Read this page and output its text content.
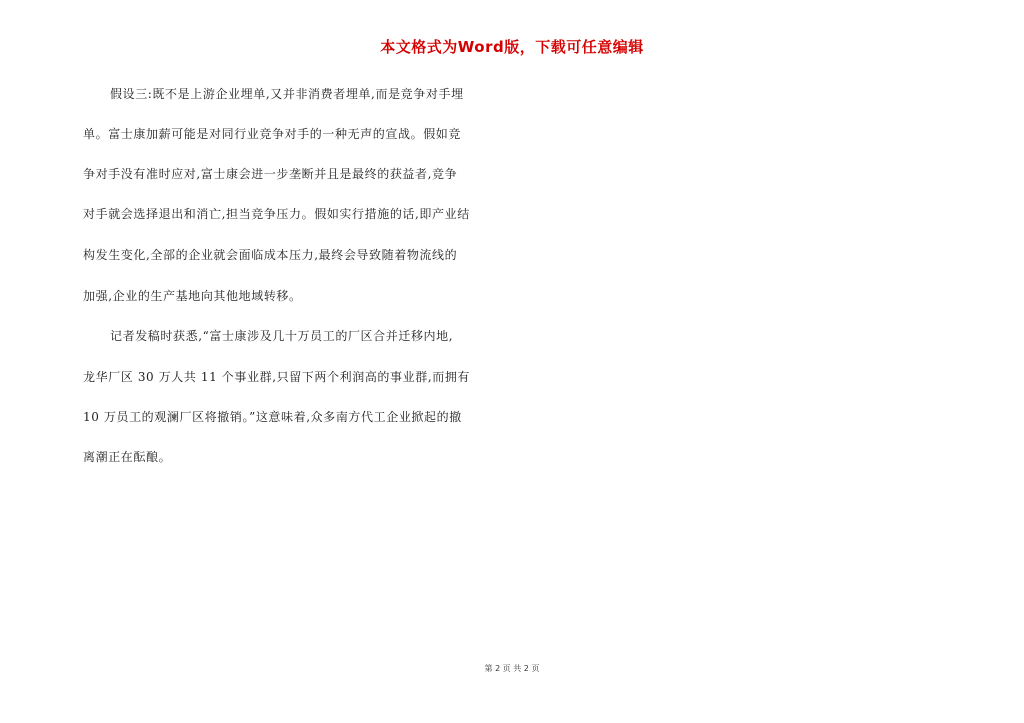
本文格式为Word版，下载可任意编辑
假设三:既不是上游企业埋单,又并非消费者埋单,而是竞争对手埋
单。富士康加薪可能是对同行业竞争对手的一种无声的宣战。假如竞
争对手没有准时应对,富士康会进一步垄断并且是最终的获益者,竞争
对手就会选择退出和消亡,担当竞争压力。假如实行措施的话,即产业结
构发生变化,全部的企业就会面临成本压力,最终会导致随着物流线的
加强,企业的生产基地向其他地域转移。
记者发稿时获悉,“富士康涉及几十万员工的厂区合并迁移内地,
龙华厂区 30 万人共 11 个事业群,只留下两个利润高的事业群,而拥有
10 万员工的观澜厂区将撤销。”这意味着,众多南方代工企业掀起的撤
离潮正在酝酿。
第 2 页 共 2 页
